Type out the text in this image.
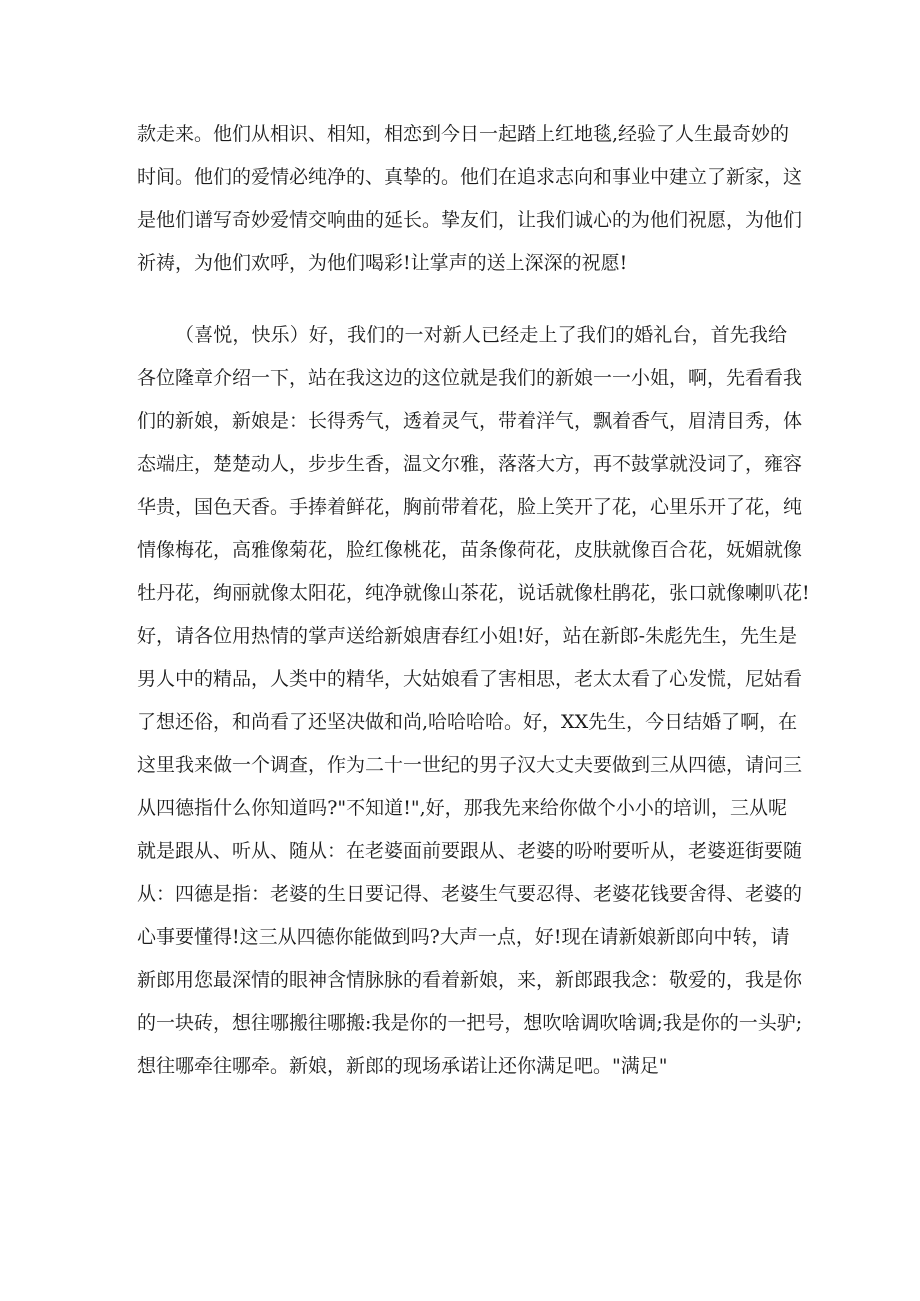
款走来。他们从相识、相知，相恋到今日一起踏上红地毯,经验了人生最奇妙的
时间。他们的爱情必纯净的、真挚的。他们在追求志向和事业中建立了新家，这
是他们谱写奇妙爱情交响曲的延长。挚友们，让我们诚心的为他们祝愿，为他们
祈祷，为他们欢呼，为他们喝彩!让掌声的送上深深的祝愿!
（喜悦，快乐）好，我们的一对新人已经走上了我们的婚礼台，首先我给
各位隆章介绍一下，站在我这边的这位就是我们的新娘一一小姐，啊，先看看我
们的新娘，新娘是：长得秀气，透着灵气，带着洋气，飘着香气，眉清目秀，体
态端庄，楚楚动人，步步生香，温文尔雅，落落大方，再不鼓掌就没词了，雍容
华贵，国色天香。手捧着鲜花，胸前带着花，脸上笑开了花，心里乐开了花，纯
情像梅花，高雅像菊花，脸红像桃花，苗条像荷花，皮肤就像百合花，妩媚就像
牡丹花，绚丽就像太阳花，纯净就像山茶花，说话就像杜鹃花，张口就像喇叭花!
好，请各位用热情的掌声送给新娘唐春红小姐!好，站在新郎-朱彪先生，先生是
男人中的精品，人类中的精华，大姑娘看了害相思，老太太看了心发慌，尼姑看
了想还俗，和尚看了还坚决做和尚,哈哈哈哈。好，XX先生，今日结婚了啊，在
这里我来做一个调查，作为二十一世纪的男子汉大丈夫要做到三从四德，请问三
从四德指什么你知道吗?"不知道!",好，那我先来给你做个小小的培训，三从呢
就是跟从、听从、随从：在老婆面前要跟从、老婆的吩咐要听从，老婆逛街要随
从：四德是指：老婆的生日要记得、老婆生气要忍得、老婆花钱要舍得、老婆的
心事要懂得!这三从四德你能做到吗?大声一点，好!现在请新娘新郎向中转，请
新郎用您最深情的眼神含情脉脉的看着新娘，来，新郎跟我念：敬爱的，我是你
的一块砖，想往哪搬往哪搬:我是你的一把号，想吹啥调吹啥调;我是你的一头驴;
想往哪牵往哪牵。新娘，新郎的现场承诺让还你满足吧。"满足"
